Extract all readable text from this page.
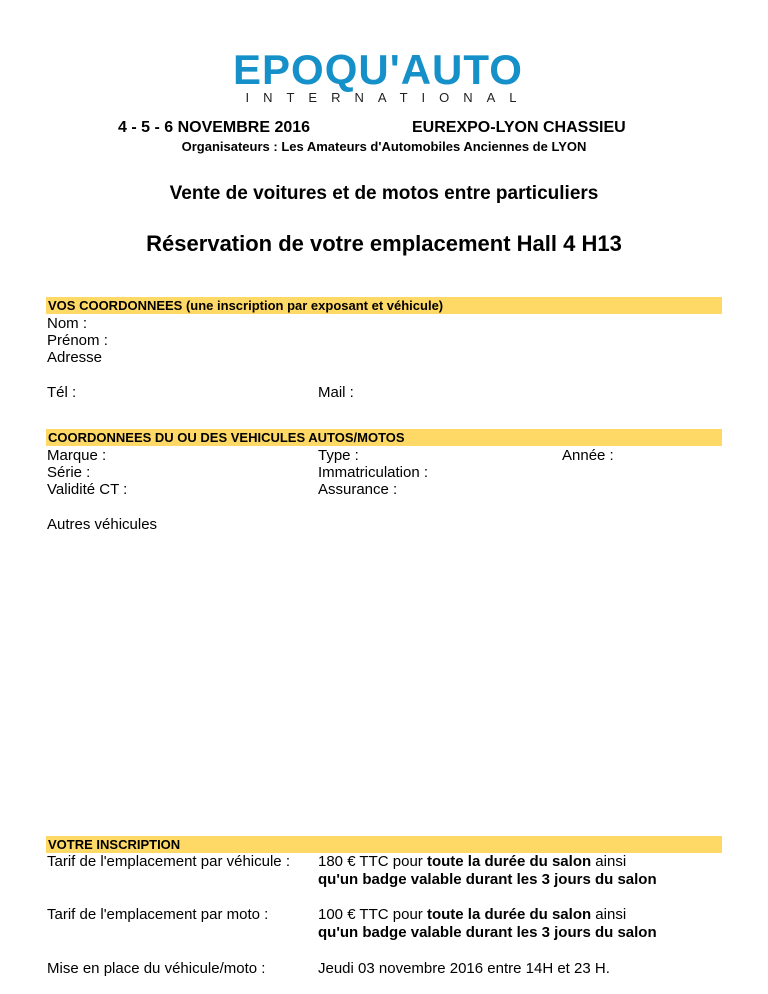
EPOQU'AUTO
INTERNATIONAL
4 - 5 - 6 NOVEMBRE 2016	EUREXPO-LYON CHASSIEU
Organisateurs : Les Amateurs d'Automobiles Anciennes de LYON
Vente de voitures et de motos entre particuliers
Réservation de votre emplacement Hall 4 H13
VOS COORDONNEES (une inscription par exposant et véhicule)
Nom :
Prénom :
Adresse
Tél :	Mail :
COORDONNEES DU OU DES VEHICULES AUTOS/MOTOS
Marque :	Type :	Année :
Série :	Immatriculation :
Validité CT :	Assurance :
Autres véhicules
VOTRE INSCRIPTION
Tarif de l'emplacement par véhicule : 180 € TTC pour toute la durée du salon ainsi
qu'un badge valable durant les 3 jours du salon
Tarif de l'emplacement par moto :	100 € TTC pour toute la durée du salon ainsi
qu'un badge valable durant les 3 jours du salon
Mise en place du véhicule/moto :	Jeudi 03 novembre 2016 entre 14H et 23 H.
